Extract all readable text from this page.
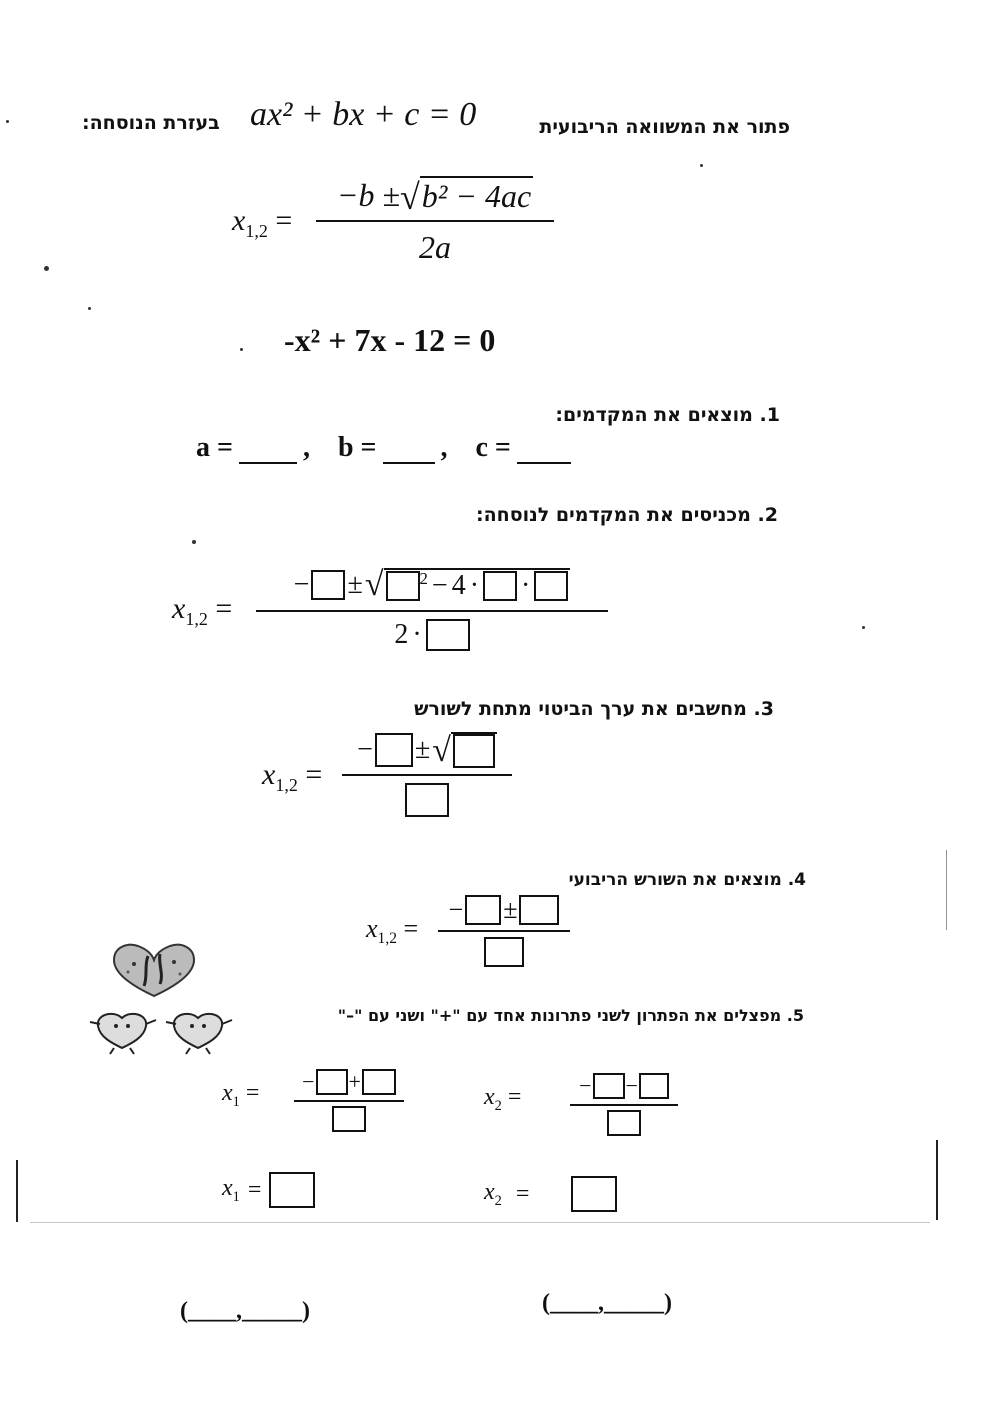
פתור את המשוואה הריבועית
ax² + bx + c = 0
בעזרת הנוסחה:
$x_{1,2}$ =
−b ± √ b² − 4ac
2a
-x² + 7x - 12 = 0
1. מוצאים את המקדמים:
a =	, b = , c =
2. מכניסים את המקדמים לנוסחה:
$x_{1,2}$ =
− ± √ 2 − 4 · ·
2 ·
3. מחשבים את ערך הביטוי מתחת לשורש
$x_{1,2}$ =
− ± √
4. מוצאים את השורש הריבועי
$x_{1,2}$ =
− ±
5. מפצלים את הפתרון לשני פתרונות אחד עם "+" ושני עם "–"
$x_1$ = − +
$x_2$ =	− −
$x_1$ =	$x_2$ =
(____,_____)	(____,_____)
